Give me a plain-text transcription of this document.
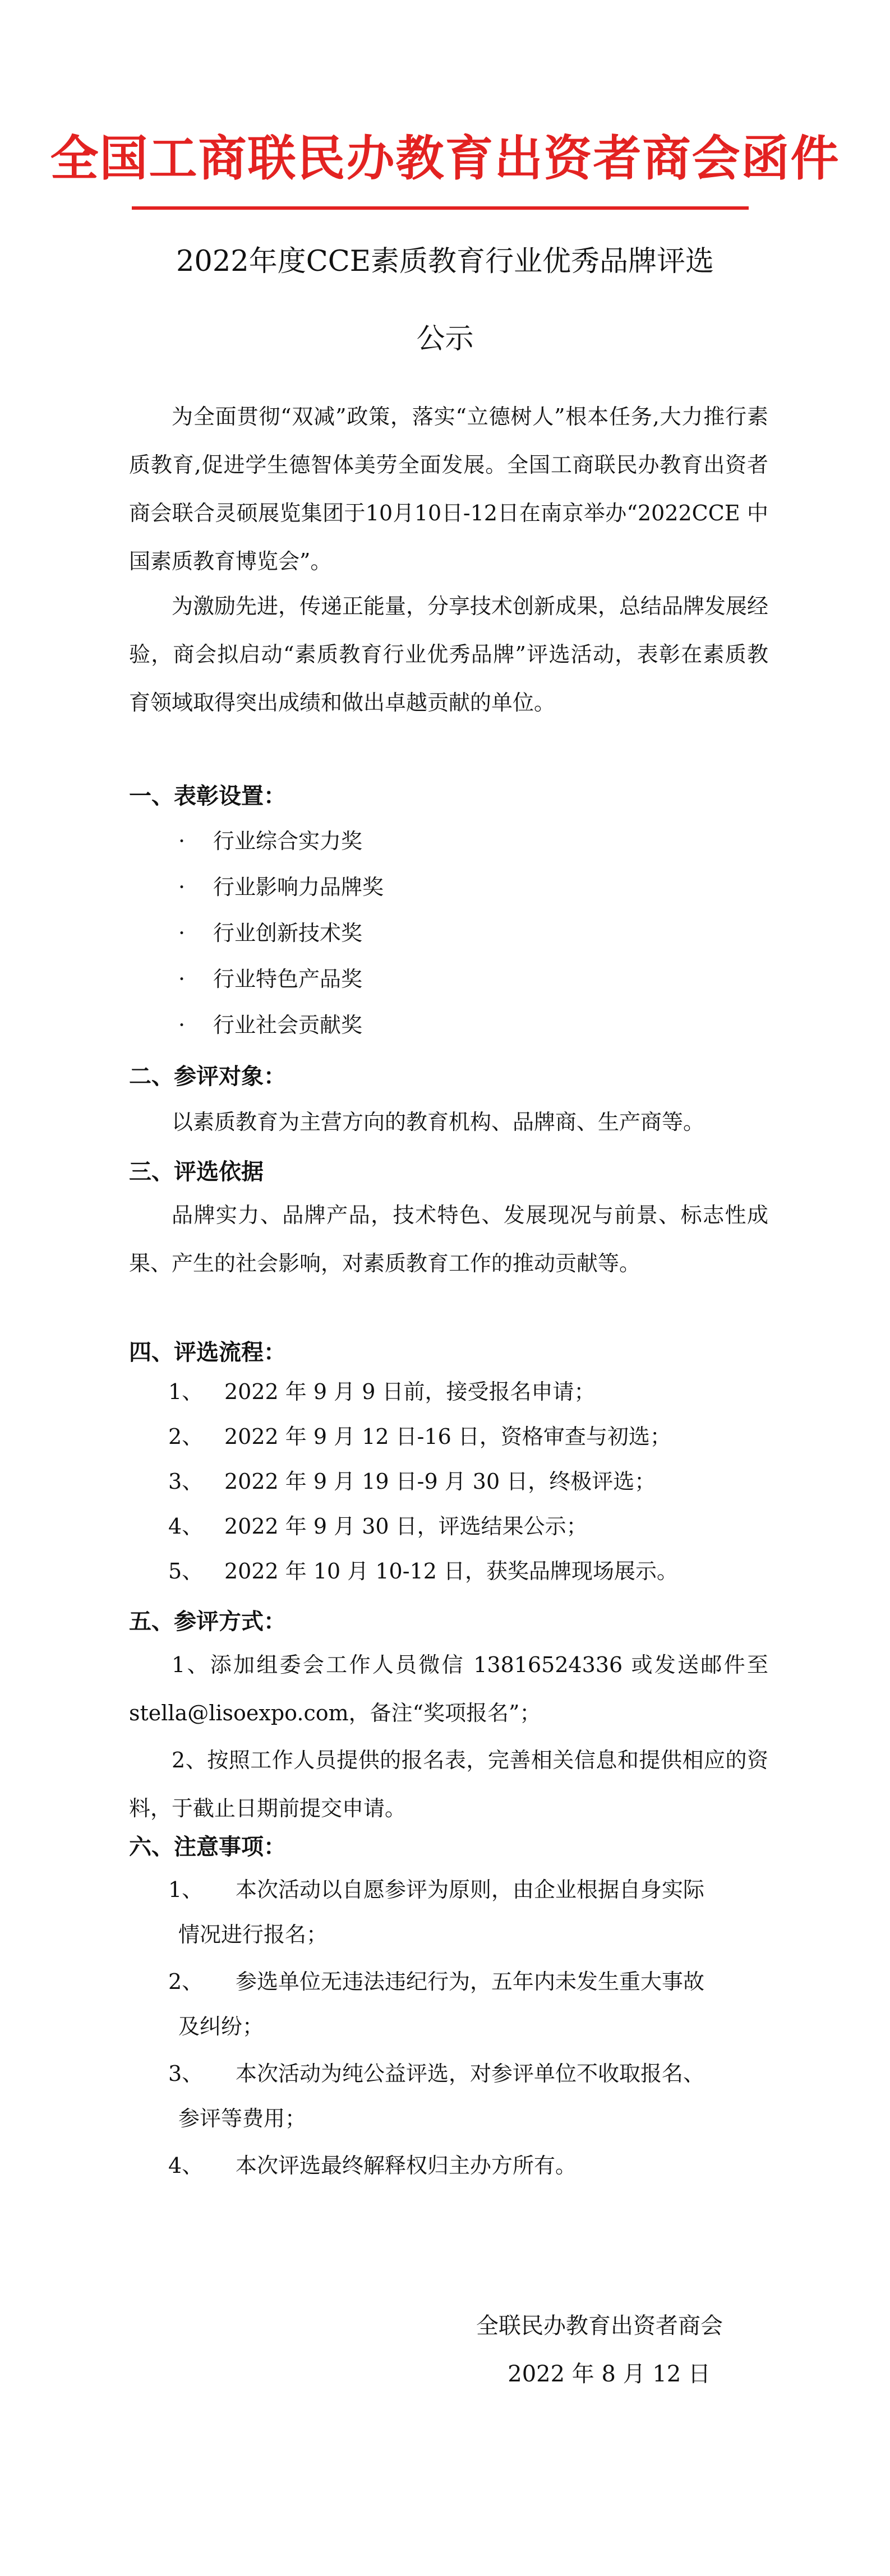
全国工商联民办教育出资者商会函件
2022年度CCE素质教育行业优秀品牌评选
公示
为全面贯彻“双减”政策，落实“立德树人”根本任务,大力推行素质教育,促进学生德智体美劳全面发展。全国工商联民办教育出资者商会联合灵硕展览集团于10月10日-12日在南京举办“2022CCE 中国素质教育博览会”。
为激励先进，传递正能量，分享技术创新成果，总结品牌发展经验，商会拟启动“素质教育行业优秀品牌”评选活动，表彰在素质教育领域取得突出成绩和做出卓越贡献的单位。
一、表彰设置：
· 行业综合实力奖
· 行业影响力品牌奖
· 行业创新技术奖
· 行业特色产品奖
· 行业社会贡献奖
二、参评对象：
以素质教育为主营方向的教育机构、品牌商、生产商等。
三、评选依据
品牌实力、品牌产品，技术特色、发展现况与前景、标志性成果、产生的社会影响，对素质教育工作的推动贡献等。
四、评选流程：
1、 2022 年 9 月 9 日前，接受报名申请；
2、 2022 年 9 月 12 日-16 日，资格审查与初选；
3、 2022 年 9 月 19 日-9 月 30 日，终极评选；
4、 2022 年 9 月 30 日，评选结果公示；
5、 2022 年 10 月 10-12 日，获奖品牌现场展示。
五、参评方式：
1、添加组委会工作人员微信 13816524336 或发送邮件至 stella@lisoexpo.com，备注“奖项报名”；
2、按照工作人员提供的报名表，完善相关信息和提供相应的资料，于截止日期前提交申请。
六、注意事项：
1、 本次活动以自愿参评为原则，由企业根据自身实际
情况进行报名；
2、 参选单位无违法违纪行为，五年内未发生重大事故
及纠纷；
3、 本次活动为纯公益评选，对参评单位不收取报名、
参评等费用；
4、 本次评选最终解释权归主办方所有。
全联民办教育出资者商会
2022 年 8 月 12 日
